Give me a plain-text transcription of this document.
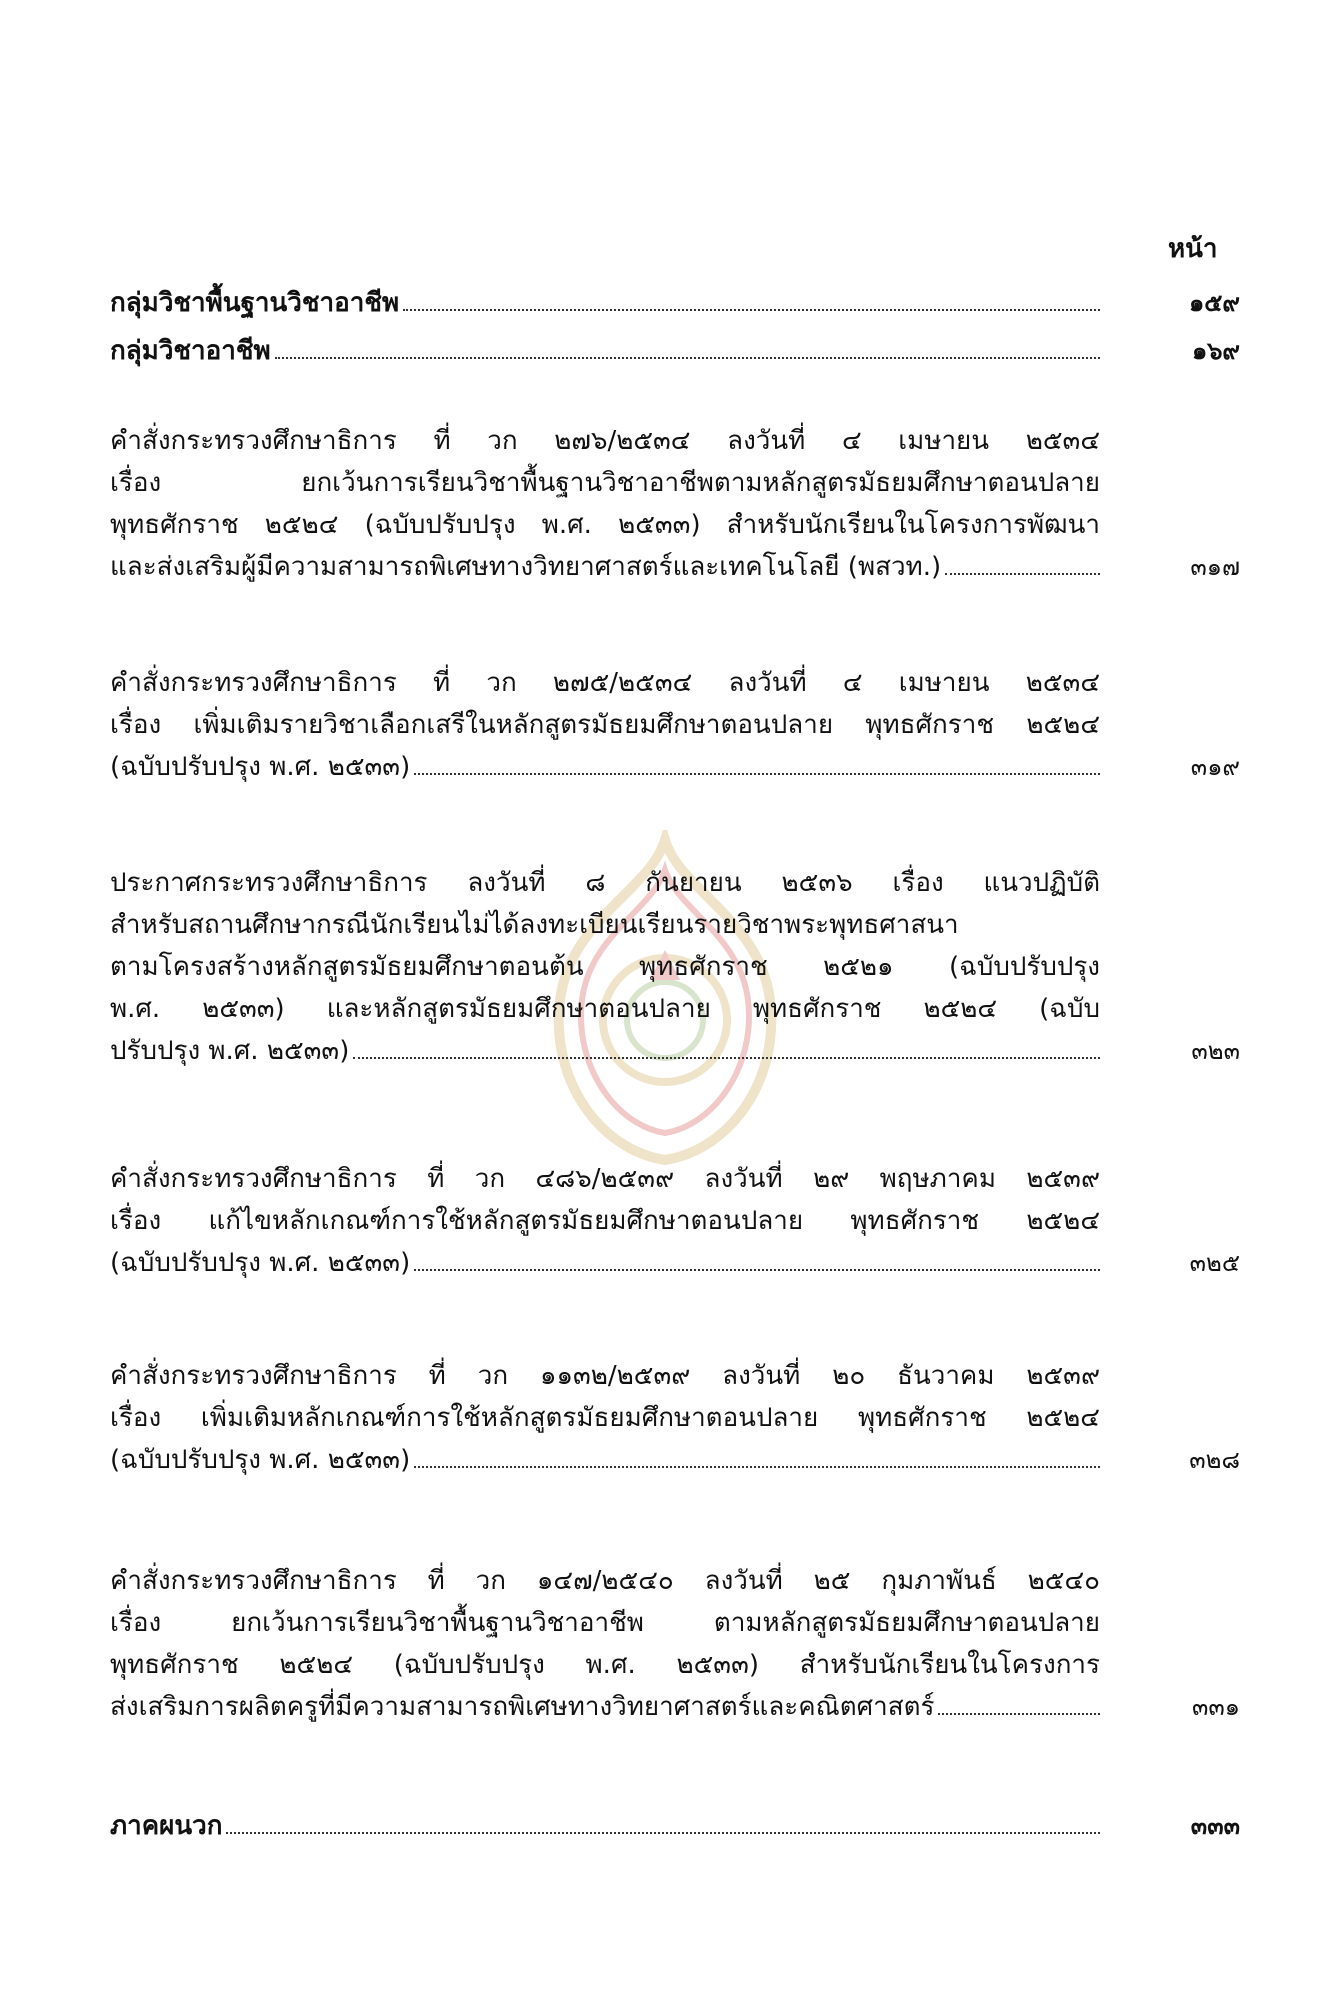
หน้า
กลุ่มวิชาพื้นฐานวิชาอาชีพ	๑๕๙
กลุ่มวิชาอาชีพ	๑๖๙
คำสั่งกระทรวงศึกษาธิการ ที่ วก ๒๗๖/๒๕๓๔ ลงวันที่ ๔ เมษายน ๒๕๓๔
เรื่อง ยกเว้นการเรียนวิชาพื้นฐานวิชาอาชีพตามหลักสูตรมัธยมศึกษาตอนปลาย
พุทธศักราช ๒๕๒๔ (ฉบับปรับปรุง พ.ศ. ๒๕๓๓) สำหรับนักเรียนในโครงการพัฒนา
และส่งเสริมผู้มีความสามารถพิเศษทางวิทยาศาสตร์และเทคโนโลยี (พสวท.)	๓๑๗
คำสั่งกระทรวงศึกษาธิการ ที่ วก ๒๗๕/๒๕๓๔ ลงวันที่ ๔ เมษายน ๒๕๓๔
เรื่อง เพิ่มเติมรายวิชาเลือกเสรีในหลักสูตรมัธยมศึกษาตอนปลาย พุทธศักราช ๒๕๒๔
(ฉบับปรับปรุง พ.ศ. ๒๕๓๓)	๓๑๙
ประกาศกระทรวงศึกษาธิการ ลงวันที่ ๘ กันยายน ๒๕๓๖ เรื่อง แนวปฏิบัติ
สำหรับสถานศึกษากรณีนักเรียนไม่ได้ลงทะเบียนเรียนรายวิชาพระพุทธศาสนา
ตามโครงสร้างหลักสูตรมัธยมศึกษาตอนต้น พุทธศักราช ๒๕๒๑ (ฉบับปรับปรุง
พ.ศ. ๒๕๓๓) และหลักสูตรมัธยมศึกษาตอนปลาย พุทธศักราช ๒๕๒๔ (ฉบับ
ปรับปรุง พ.ศ. ๒๕๓๓)	๓๒๓
คำสั่งกระทรวงศึกษาธิการ ที่ วก ๔๘๖/๒๕๓๙ ลงวันที่ ๒๙ พฤษภาคม ๒๕๓๙
เรื่อง แก้ไขหลักเกณฑ์การใช้หลักสูตรมัธยมศึกษาตอนปลาย พุทธศักราช ๒๕๒๔
(ฉบับปรับปรุง พ.ศ. ๒๕๓๓)	๓๒๕
คำสั่งกระทรวงศึกษาธิการ ที่ วก ๑๑๓๒/๒๕๓๙ ลงวันที่ ๒๐ ธันวาคม ๒๕๓๙
เรื่อง เพิ่มเติมหลักเกณฑ์การใช้หลักสูตรมัธยมศึกษาตอนปลาย พุทธศักราช ๒๕๒๔
(ฉบับปรับปรุง พ.ศ. ๒๕๓๓)	๓๒๘
คำสั่งกระทรวงศึกษาธิการ ที่ วก ๑๔๗/๒๕๔๐ ลงวันที่ ๒๕ กุมภาพันธ์ ๒๕๔๐
เรื่อง ยกเว้นการเรียนวิชาพื้นฐานวิชาอาชีพ ตามหลักสูตรมัธยมศึกษาตอนปลาย
พุทธศักราช ๒๕๒๔ (ฉบับปรับปรุง พ.ศ. ๒๕๓๓) สำหรับนักเรียนในโครงการ
ส่งเสริมการผลิตครูที่มีความสามารถพิเศษทางวิทยาศาสตร์และคณิตศาสตร์	๓๓๑
ภาคผนวก	๓๓๓
